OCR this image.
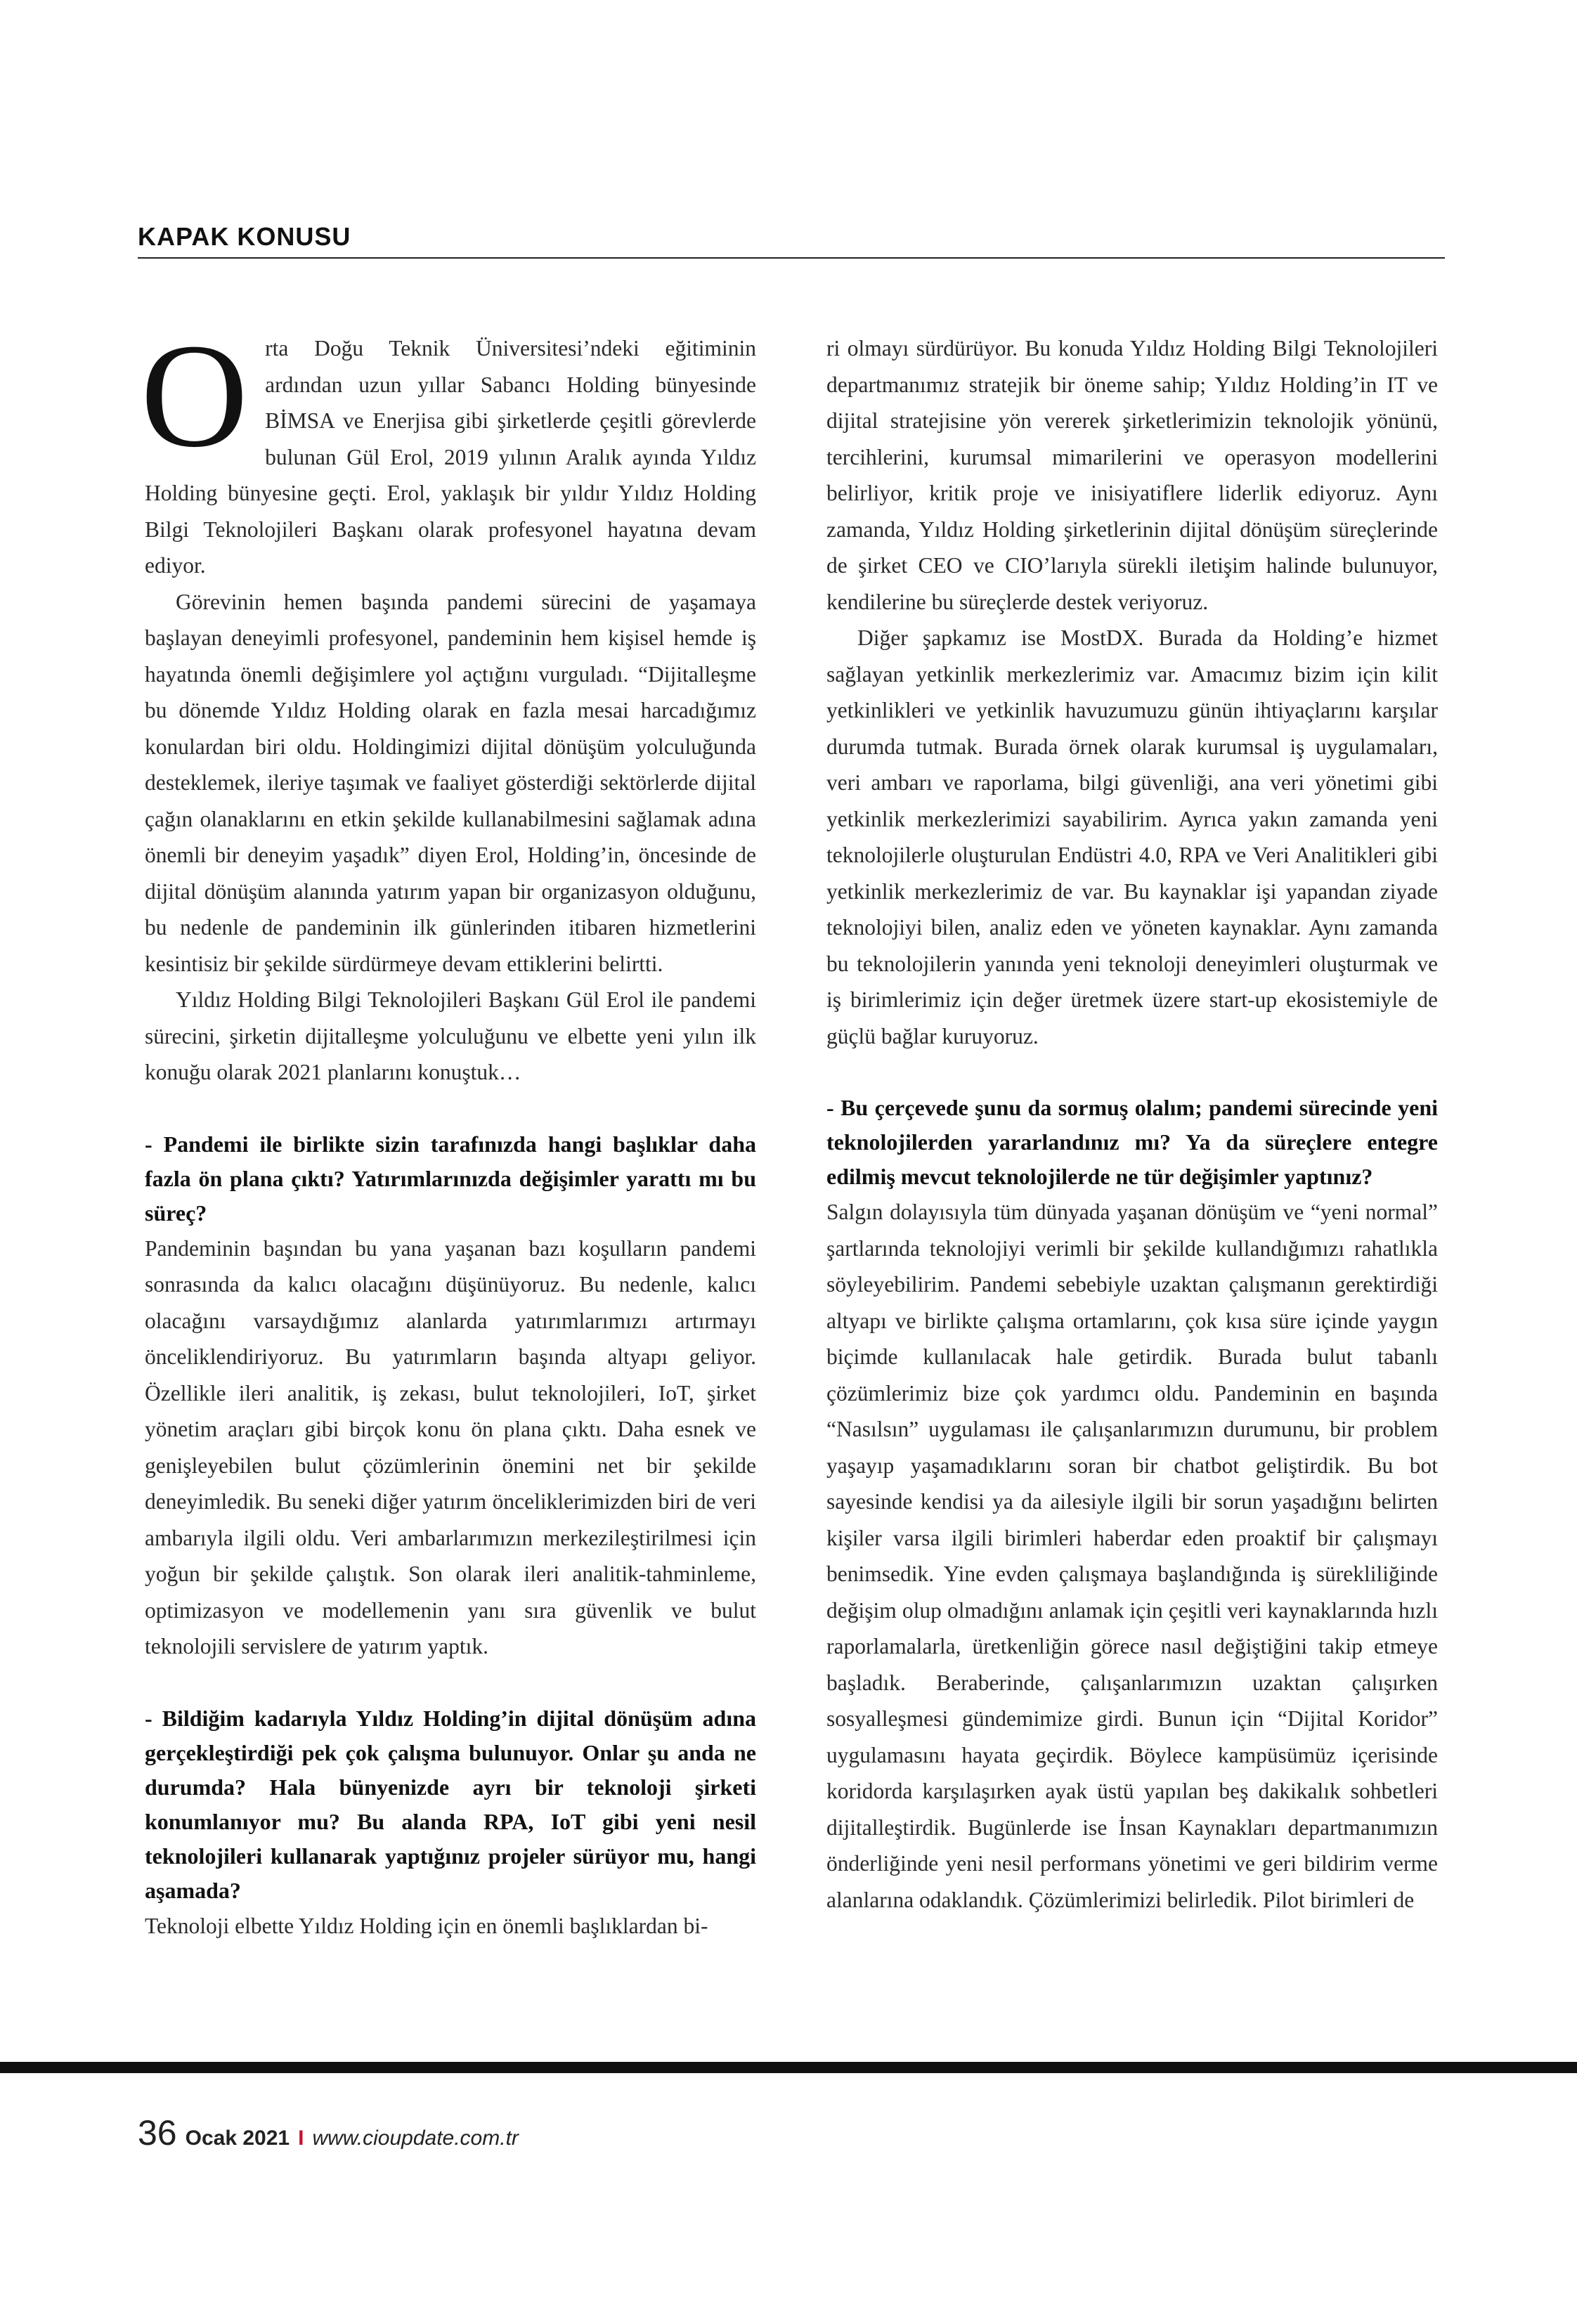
KAPAK KONUSU

Orta Doğu Teknik Üniversitesi’ndeki eğitiminin ardından uzun yıllar Sabancı Holding bünyesinde BİMSA ve Enerjisa gibi şirketlerde çeşitli görevlerde bulunan Gül Erol, 2019 yılının Aralık ayında Yıldız Holding bünyesine geçti. Erol, yaklaşık bir yıldır Yıldız Holding Bilgi Teknolojileri Başkanı olarak profesyonel hayatına devam ediyor.

Görevinin hemen başında pandemi sürecini de yaşamaya başlayan deneyimli profesyonel, pandeminin hem kişisel hemde iş hayatında önemli değişimlere yol açtığını vurguladı. “Dijitalleşme bu dönemde Yıldız Holding olarak en fazla mesai harcadığımız konulardan biri oldu. Holdingimizi dijital dönüşüm yolculuğunda desteklemek, ileriye taşımak ve faaliyet gösterdiği sektörlerde dijital çağın olanaklarını en etkin şekilde kullanabilmesini sağlamak adına önemli bir deneyim yaşadık” diyen Erol, Holding’in, öncesinde de dijital dönüşüm alanında yatırım yapan bir organizasyon olduğunu, bu nedenle de pandeminin ilk günlerinden itibaren hizmetlerini kesintisiz bir şekilde sürdürmeye devam ettiklerini belirtti.

Yıldız Holding Bilgi Teknolojileri Başkanı Gül Erol ile pandemi sürecini, şirketin dijitalleşme yolculuğunu ve elbette yeni yılın ilk konuğu olarak 2021 planlarını konuştuk…

- Pandemi ile birlikte sizin tarafınızda hangi başlıklar daha fazla ön plana çıktı? Yatırımlarınızda değişimler yarattı mı bu süreç?

Pandeminin başından bu yana yaşanan bazı koşulların pandemi sonrasında da kalıcı olacağını düşünüyoruz. Bu nedenle, kalıcı olacağını varsaydığımız alanlarda yatırımlarımızı artırmayı önceliklendiriyoruz. Bu yatırımların başında altyapı geliyor. Özellikle ileri analitik, iş zekası, bulut teknolojileri, IoT, şirket yönetim araçları gibi birçok konu ön plana çıktı. Daha esnek ve genişleyebilen bulut çözümlerinin önemini net bir şekilde deneyimledik. Bu seneki diğer yatırım önceliklerimizden biri de veri ambarıyla ilgili oldu. Veri ambarlarımızın merkezileştirilmesi için yoğun bir şekilde çalıştık. Son olarak ileri analitik-tahminleme, optimizasyon ve modellemenin yanı sıra güvenlik ve bulut teknolojili servislere de yatırım yaptık.

- Bildiğim kadarıyla Yıldız Holding’in dijital dönüşüm adına gerçekleştirdiği pek çok çalışma bulunuyor. Onlar şu anda ne durumda? Hala bünyenizde ayrı bir teknoloji şirketi konumlanıyor mu? Bu alanda RPA, IoT gibi yeni nesil teknolojileri kullanarak yaptığınız projeler sürüyor mu, hangi aşamada?

Teknoloji elbette Yıldız Holding için en önemli başlıklardan bi-

ri olmayı sürdürüyor. Bu konuda Yıldız Holding Bilgi Teknolojileri departmanımız stratejik bir öneme sahip; Yıldız Holding’in IT ve dijital stratejisine yön vererek şirketlerimizin teknolojik yönünü, tercihlerini, kurumsal mimarilerini ve operasyon modellerini belirliyor, kritik proje ve inisiyatiflere liderlik ediyoruz. Aynı zamanda, Yıldız Holding şirketlerinin dijital dönüşüm süreçlerinde de şirket CEO ve CIO’larıyla sürekli iletişim halinde bulunuyor, kendilerine bu süreçlerde destek veriyoruz.

Diğer şapkamız ise MostDX. Burada da Holding’e hizmet sağlayan yetkinlik merkezlerimiz var. Amacımız bizim için kilit yetkinlikleri ve yetkinlik havuzumuzu günün ihtiyaçlarını karşılar durumda tutmak. Burada örnek olarak kurumsal iş uygulamaları, veri ambarı ve raporlama, bilgi güvenliği, ana veri yönetimi gibi yetkinlik merkezlerimizi sayabilirim. Ayrıca yakın zamanda yeni teknolojilerle oluşturulan Endüstri 4.0, RPA ve Veri Analitikleri gibi yetkinlik merkezlerimiz de var. Bu kaynaklar işi yapandan ziyade teknolojiyi bilen, analiz eden ve yöneten kaynaklar. Aynı zamanda bu teknolojilerin yanında yeni teknoloji deneyimleri oluşturmak ve iş birimlerimiz için değer üretmek üzere start-up ekosistemiyle de güçlü bağlar kuruyoruz.

- Bu çerçevede şunu da sormuş olalım; pandemi sürecinde yeni teknolojilerden yararlandınız mı? Ya da süreçlere entegre edilmiş mevcut teknolojilerde ne tür değişimler yaptınız?

Salgın dolayısıyla tüm dünyada yaşanan dönüşüm ve “yeni normal” şartlarında teknolojiyi verimli bir şekilde kullandığımızı rahatlıkla söyleyebilirim. Pandemi sebebiyle uzaktan çalışmanın gerektirdiği altyapı ve birlikte çalışma ortamlarını, çok kısa süre içinde yaygın biçimde kullanılacak hale getirdik. Burada bulut tabanlı çözümlerimiz bize çok yardımcı oldu. Pandeminin en başında “Nasılsın” uygulaması ile çalışanlarımızın durumunu, bir problem yaşayıp yaşamadıklarını soran bir chatbot geliştirdik. Bu bot sayesinde kendisi ya da ailesiyle ilgili bir sorun yaşadığını belirten kişiler varsa ilgili birimleri haberdar eden proaktif bir çalışmayı benimsedik. Yine evden çalışmaya başlandığında iş sürekliliğinde değişim olup olmadığını anlamak için çeşitli veri kaynaklarında hızlı raporlamalarla, üretkenliğin görece nasıl değiştiğini takip etmeye başladık. Beraberinde, çalışanlarımızın uzaktan çalışırken sosyalleşmesi gündemimize girdi. Bunun için “Dijital Koridor” uygulamasını hayata geçirdik. Böylece kampüsümüz içerisinde koridorda karşılaşırken ayak üstü yapılan beş dakikalık sohbetleri dijitalleştirdik. Bugünlerde ise İnsan Kaynakları departmanımızın önderliğinde yeni nesil performans yönetimi ve geri bildirim verme alanlarına odaklandık. Çözümlerimizi belirledik. Pilot birimleri de

36 Ocak 2021 I www.cioupdate.com.tr
